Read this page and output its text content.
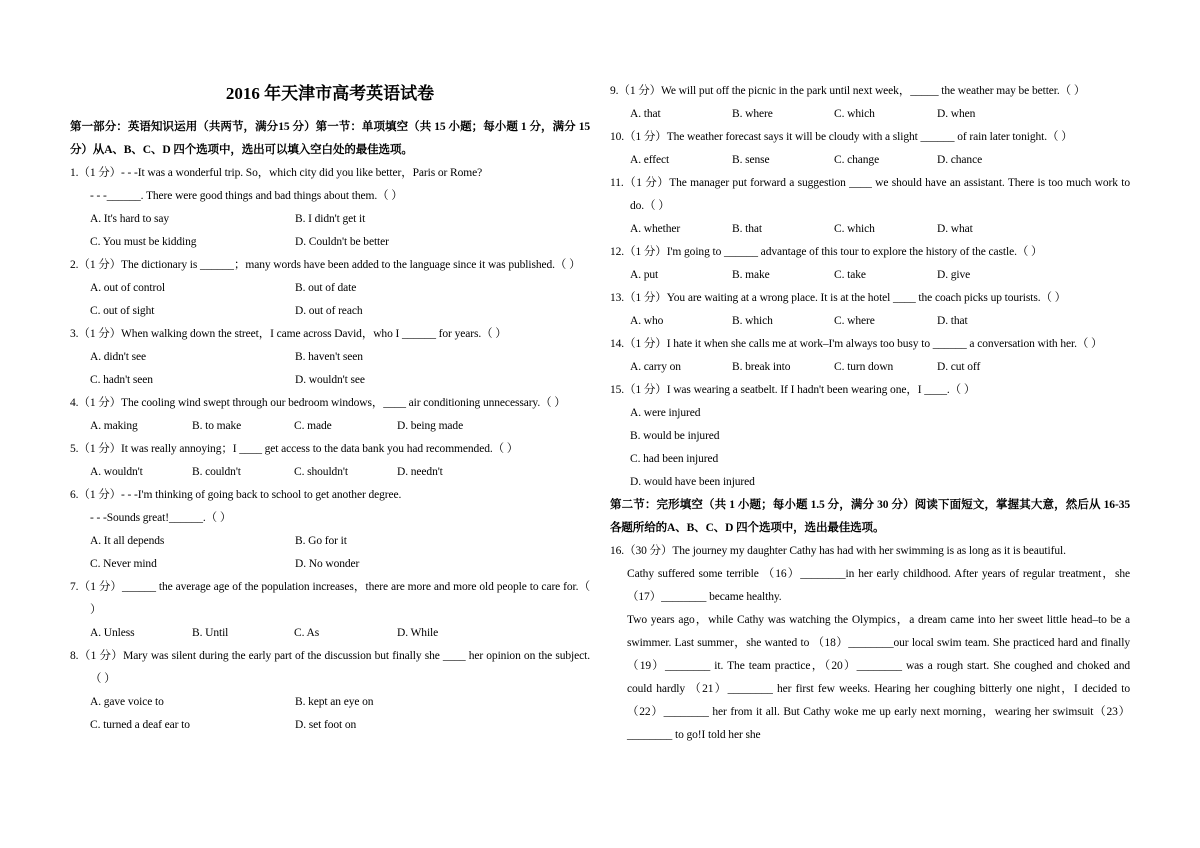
2016 年天津市高考英语试卷

第一部分：英语知识运用（共两节，满分15 分）第一节：单项填空（共 15 小题；每小题 1 分，满分 15 分）从A、B、C、D 四个选项中，选出可以填入空白处的最佳选项。

1.（1 分）- - -It was a wonderful trip. So，which city did you like better，Paris or Rome?
- - -______. There were good things and bad things about them.（ ）
A. It's hard to say	B. I didn't get it
C. You must be kidding	D. Couldn't be better
2.（1 分）The dictionary is ______；many words have been added to the language since it was published.（ ）
A. out of control	B. out of date
C. out of sight	D. out of reach
3.（1 分）When walking down the street，I came across David，who I ______ for years.（ ）
A. didn't see	B. haven't seen
C. hadn't seen	D. wouldn't see
4.（1 分）The cooling wind swept through our bedroom windows，____ air conditioning unnecessary.（ ）
A. making	B. to make	C. made	D. being made
5.（1 分）It was really annoying；I ____ get access to the data bank you had recommended.（ ）
A. wouldn't	B. couldn't	C. shouldn't	D. needn't
6.（1 分）- - -I'm thinking of going back to school to get another degree.
- - -Sounds great!______.（ ）
A. It all depends	B. Go for it
C. Never mind	D. No wonder
7.（1 分）______ the average age of the population increases，there are more and more old people to care for.（ ）
A. Unless	B. Until	C. As	D. While
8.（1 分）Mary was silent during the early part of the discussion but finally she ____ her opinion on the subject.（ ）
A. gave voice to	B. kept an eye on
C. turned a deaf ear to	D. set foot on
9.（1 分）We will put off the picnic in the park until next week，_____ the weather may be better.（ ）
A. that	B. where	C. which	D. when
10.（1 分）The weather forecast says it will be cloudy with a slight ______ of rain later tonight.（ ）
A. effect	B. sense	C. change	D. chance
11.（1 分）The manager put forward a suggestion ____ we should have an assistant. There is too much work to do.（ ）
A. whether	B. that	C. which	D. what
12.（1 分）I'm going to ______ advantage of this tour to explore the history of the castle.（ ）
A. put	B. make	C. take	D. give
13.（1 分）You are waiting at a wrong place. It is at the hotel ____ the coach picks up tourists.（ ）
A. who	B. which	C. where	D. that
14.（1 分）I hate it when she calls me at work–I'm always too busy to ______ a conversation with her.（ ）
A. carry on	B. break into	C. turn down	D. cut off
15.（1 分）I was wearing a seatbelt. If I hadn't been wearing one，I ____.（ ）
A. were injured
B. would be injured
C. had been injured
D. would have been injured

第二节：完形填空（共 1 小题；每小题 1.5 分，满分 30 分）阅读下面短文，掌握其大意，然后从 16-35 各题所给的A、B、C、D 四个选项中，选出最佳选项。

16.（30 分）The journey my daughter Cathy has had with her swimming is as long as it is beautiful.
Cathy suffered some terrible （16）________in her early childhood. After years of regular treatment，she（17）________ became healthy.
Two years ago，while Cathy was watching the Olympics，a dream came into her sweet little head–to be a swimmer. Last summer，she wanted to （18）________our local swim team. She practiced hard and finally （19）________ it. The team practice，（20）________ was a rough start. She coughed and choked and could hardly （21）________ her first few weeks. Hearing her coughing bitterly one night，I decided to （22）________ her from it all. But Cathy woke me up early next morning，wearing her swimsuit（23）________ to go!I told her she
